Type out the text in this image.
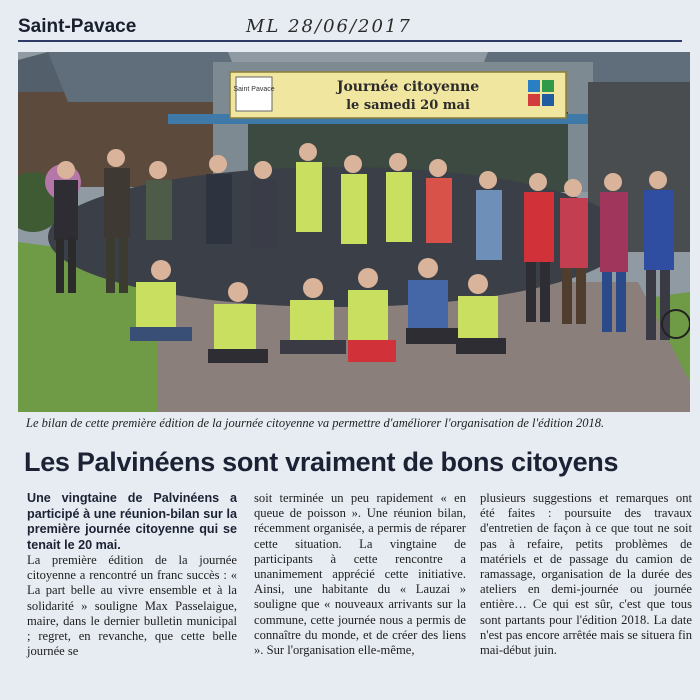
Saint-Pavace	ML 28/06/2017
Saint Pavace	Journée citoyenne
le samedi 20 mai
Le bilan de cette première édition de la journée citoyenne va permettre d'améliorer l'organisation de l'édition 2018.
Les Palvinéens sont vraiment de bons citoyens

Une vingtaine de Palvinéens a participé à une réunion-bilan sur la première journée citoyenne qui se tenait le 20 mai.

La première édition de la journée citoyenne a rencontré un franc succès : « La part belle au vivre ensemble et à la solidarité » souligne Max Passelaigue, maire, dans le dernier bulletin municipal ; regret, en revanche, que cette belle journée se

soit terminée un peu rapidement « en queue de poisson ». Une réunion bilan, récemment organisée, a permis de réparer cette situation. La vingtaine de participants à cette rencontre a unanimement apprécié cette initiative. Ainsi, une habitante du « Lauzai » souligne que « nouveaux arrivants sur la commune, cette journée nous a permis de connaître du monde, et de créer des liens ». Sur l'organisation elle-même,

plusieurs suggestions et remarques ont été faites : poursuite des travaux d'entretien de façon à ce que tout ne soit pas à refaire, petits problèmes de matériels et de passage du camion de ramassage, organisation de la durée des ateliers en demi-journée ou journée entière… Ce qui est sûr, c'est que tous sont partants pour l'édition 2018. La date n'est pas encore arrêtée mais se situera fin mai-début juin.
